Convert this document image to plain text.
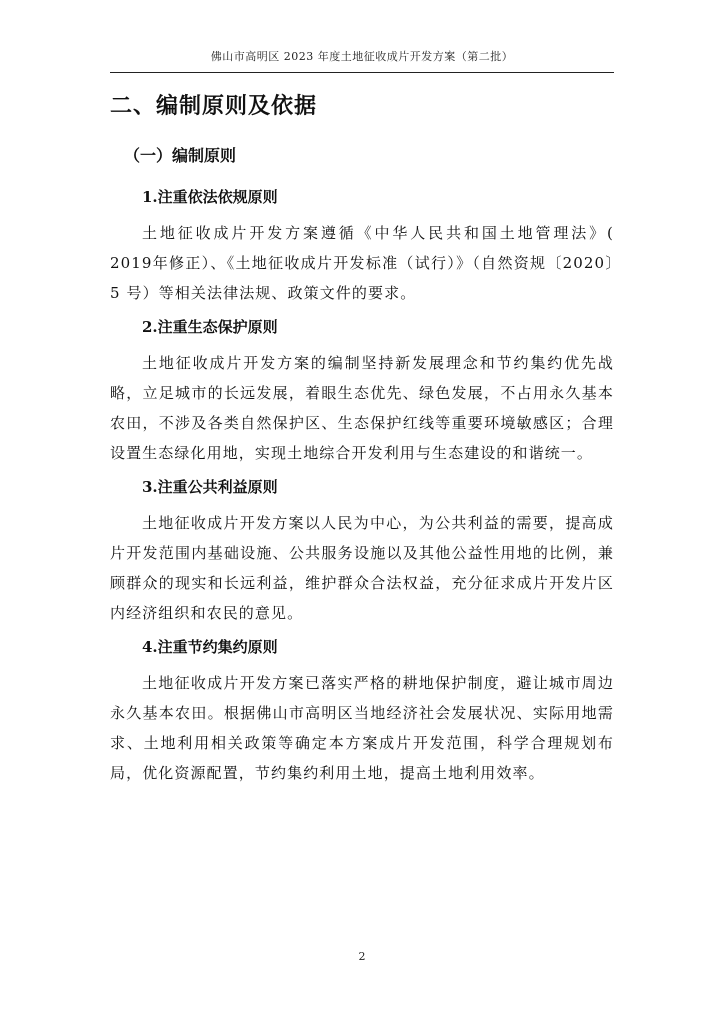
佛山市高明区 2023 年度土地征收成片开发方案（第二批）
二、编制原则及依据
（一）编制原则
1.注重依法依规原则

土地征收成片开发方案遵循《中华人民共和国土地管理法》( 2019年修正）、《土地征收成片开发标准（试行）》（自然资规〔2020〕5 号）等相关法律法规、政策文件的要求。

2.注重生态保护原则

土地征收成片开发方案的编制坚持新发展理念和节约集约优先战略，立足城市的长远发展，着眼生态优先、绿色发展，不占用永久基本农田，不涉及各类自然保护区、生态保护红线等重要环境敏感区；合理设置生态绿化用地，实现土地综合开发利用与生态建设的和谐统一。

3.注重公共利益原则

土地征收成片开发方案以人民为中心，为公共利益的需要，提高成片开发范围内基础设施、公共服务设施以及其他公益性用地的比例，兼顾群众的现实和长远利益，维护群众合法权益，充分征求成片开发片区内经济组织和农民的意见。

4.注重节约集约原则

土地征收成片开发方案已落实严格的耕地保护制度，避让城市周边永久基本农田。根据佛山市高明区当地经济社会发展状况、实际用地需求、土地利用相关政策等确定本方案成片开发范围，科学合理规划布局，优化资源配置，节约集约利用土地，提高土地利用效率。

2
